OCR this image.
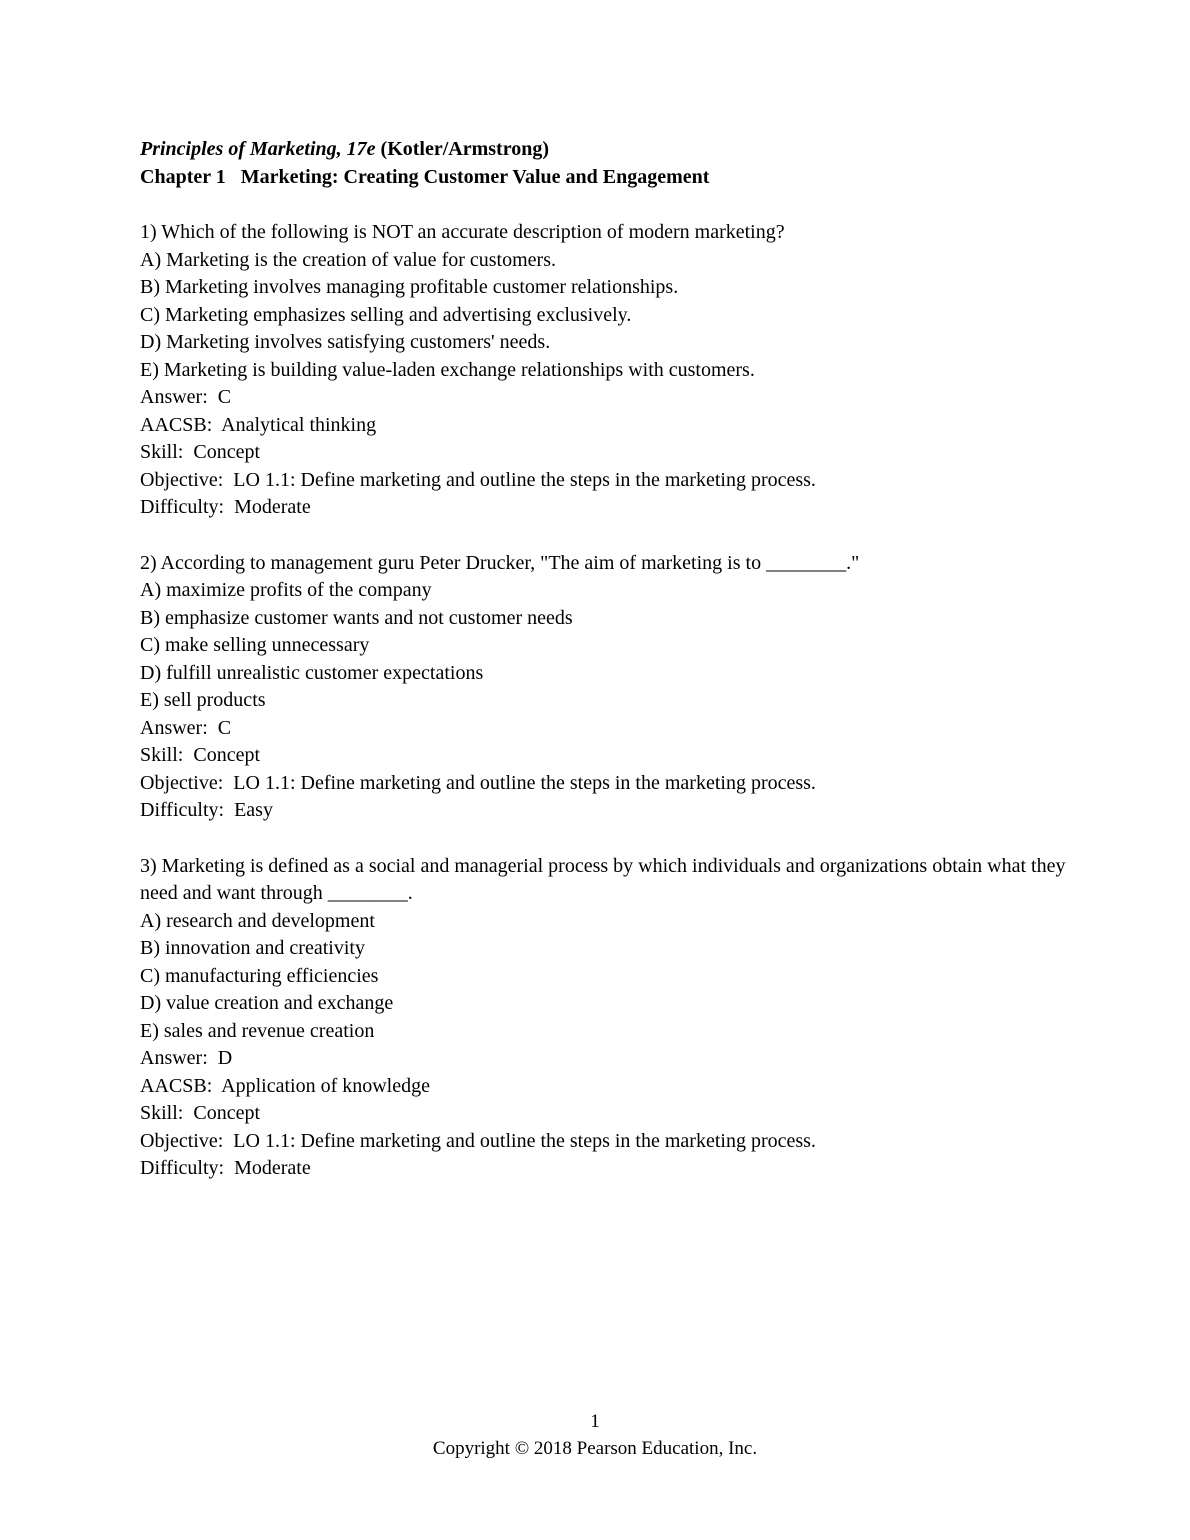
Principles of Marketing, 17e (Kotler/Armstrong)
Chapter 1   Marketing: Creating Customer Value and Engagement
1) Which of the following is NOT an accurate description of modern marketing?
A) Marketing is the creation of value for customers.
B) Marketing involves managing profitable customer relationships.
C) Marketing emphasizes selling and advertising exclusively.
D) Marketing involves satisfying customers' needs.
E) Marketing is building value-laden exchange relationships with customers.
Answer:  C
AACSB:  Analytical thinking
Skill:  Concept
Objective:  LO 1.1: Define marketing and outline the steps in the marketing process.
Difficulty:  Moderate
2) According to management guru Peter Drucker, "The aim of marketing is to ________."
A) maximize profits of the company
B) emphasize customer wants and not customer needs
C) make selling unnecessary
D) fulfill unrealistic customer expectations
E) sell products
Answer:  C
Skill:  Concept
Objective:  LO 1.1: Define marketing and outline the steps in the marketing process.
Difficulty:  Easy
3) Marketing is defined as a social and managerial process by which individuals and organizations obtain what they need and want through ________.
A) research and development
B) innovation and creativity
C) manufacturing efficiencies
D) value creation and exchange
E) sales and revenue creation
Answer:  D
AACSB:  Application of knowledge
Skill:  Concept
Objective:  LO 1.1: Define marketing and outline the steps in the marketing process.
Difficulty:  Moderate
1
Copyright © 2018 Pearson Education, Inc.
